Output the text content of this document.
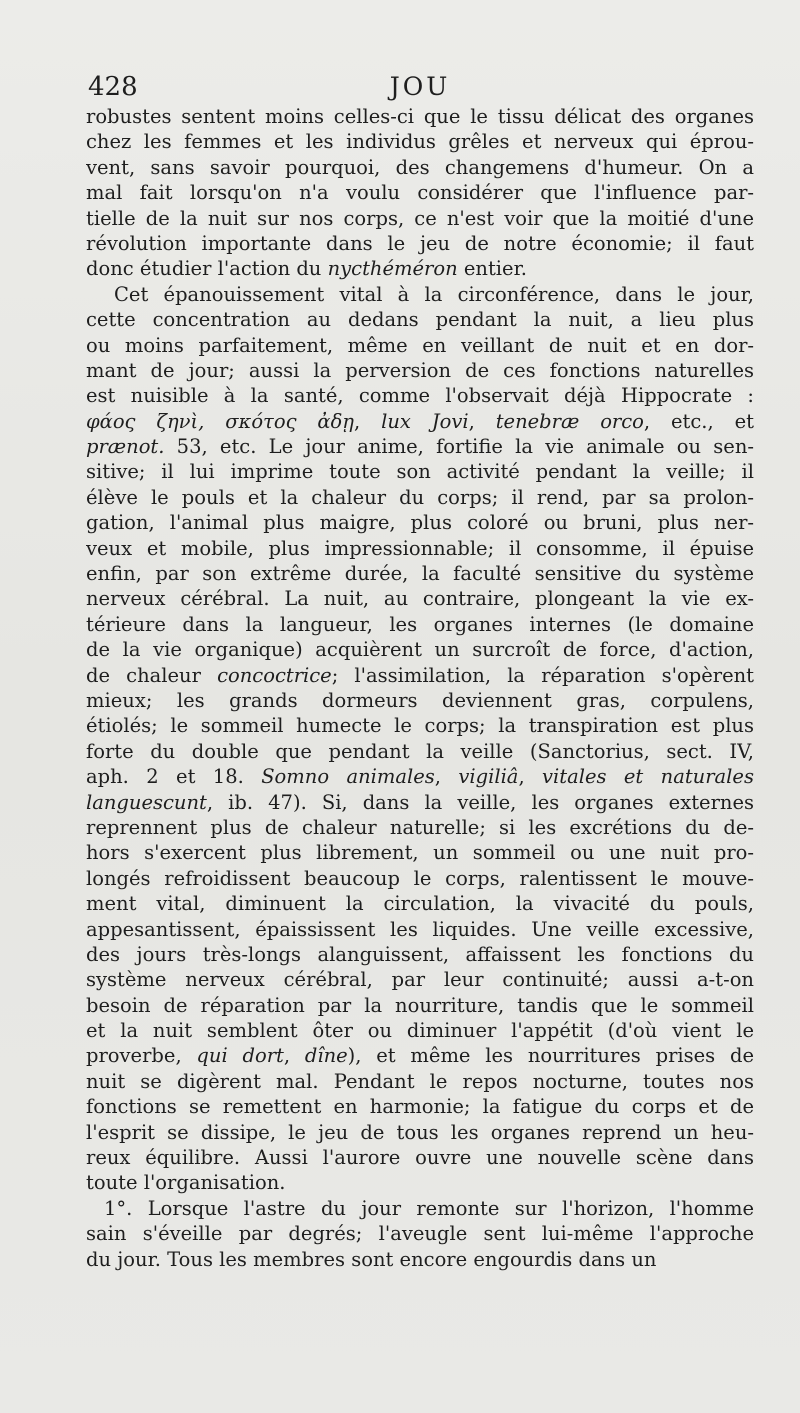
428	JOU
robustes sentent moins celles-ci que le tissu délicat des organes
chez les femmes et les individus grêles et nerveux qui éprou-
vent, sans savoir pourquoi, des changemens d'humeur. On a
mal fait lorsqu'on n'a voulu considérer que l'influence par-
tielle de la nuit sur nos corps, ce n'est voir que la moitié d'une
révolution importante dans le jeu de notre économie; il faut
donc étudier l'action du nycthéméron entier.
Cet épanouissement vital à la circonférence, dans le jour,
cette concentration au dedans pendant la nuit, a lieu plus
ou moins parfaitement, même en veillant de nuit et en dor-
mant de jour; aussi la perversion de ces fonctions naturelles
est nuisible à la santé, comme l'observait déjà Hippocrate :
φάος ζηνὶ, σκότος ἀδῃ, lux Jovi, tenebræ orco, etc., et
prænot. 53, etc. Le jour anime, fortifie la vie animale ou sen-
sitive; il lui imprime toute son activité pendant la veille; il
élève le pouls et la chaleur du corps; il rend, par sa prolon-
gation, l'animal plus maigre, plus coloré ou bruni, plus ner-
veux et mobile, plus impressionnable; il consomme, il épuise
enfin, par son extrême durée, la faculté sensitive du système
nerveux cérébral. La nuit, au contraire, plongeant la vie ex-
térieure dans la langueur, les organes internes (le domaine
de la vie organique) acquièrent un surcroît de force, d'action,
de chaleur concoctrice; l'assimilation, la réparation s'opèrent
mieux; les grands dormeurs deviennent gras, corpulens,
étiolés; le sommeil humecte le corps; la transpiration est plus
forte du double que pendant la veille (Sanctorius, sect. IV,
aph. 2 et 18. Somno animales, vigiliâ, vitales et naturales
languescunt, ib. 47). Si, dans la veille, les organes externes
reprennent plus de chaleur naturelle; si les excrétions du de-
hors s'exercent plus librement, un sommeil ou une nuit pro-
longés refroidissent beaucoup le corps, ralentissent le mouve-
ment vital, diminuent la circulation, la vivacité du pouls,
appesantissent, épaississent les liquides. Une veille excessive,
des jours très-longs alanguissent, affaissent les fonctions du
système nerveux cérébral, par leur continuité; aussi a-t-on
besoin de réparation par la nourriture, tandis que le sommeil
et la nuit semblent ôter ou diminuer l'appétit (d'où vient le
proverbe, qui dort, dîne), et même les nourritures prises de
nuit se digèrent mal. Pendant le repos nocturne, toutes nos
fonctions se remettent en harmonie; la fatigue du corps et de
l'esprit se dissipe, le jeu de tous les organes reprend un heu-
reux équilibre. Aussi l'aurore ouvre une nouvelle scène dans
toute l'organisation.
1°. Lorsque l'astre du jour remonte sur l'horizon, l'homme
sain s'éveille par degrés; l'aveugle sent lui-même l'approche
du jour. Tous les membres sont encore engourdis dans un
